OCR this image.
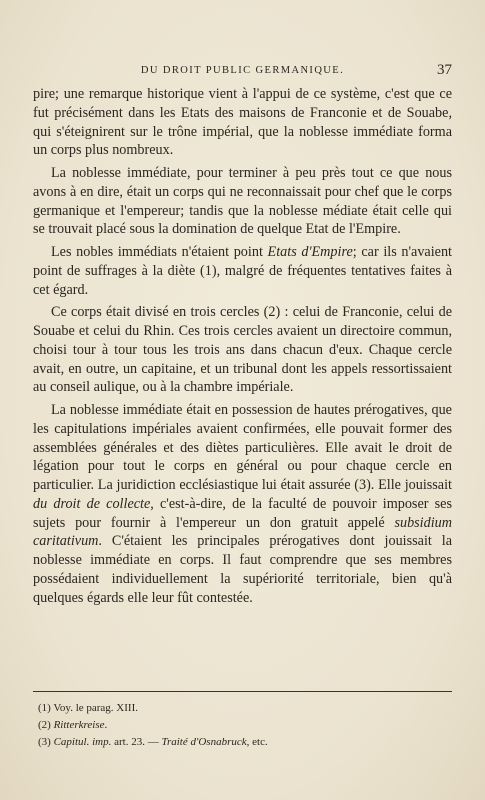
DU DROIT PUBLIC GERMANIQUE.	37

pire; une remarque historique vient à l'appui de ce système, c'est que ce fut précisément dans les Etats des maisons de Franconie et de Souabe, qui s'éteignirent sur le trône impérial, que la noblesse immédiate forma un corps plus nombreux.

La noblesse immédiate, pour terminer à peu près tout ce que nous avons à en dire, était un corps qui ne reconnaissait pour chef que le corps germanique et l'empereur; tandis que la noblesse médiate était celle qui se trouvait placé sous la domination de quelque Etat de l'Empire.

Les nobles immédiats n'étaient point Etats d'Empire; car ils n'avaient point de suffrages à la diète (1), malgré de fréquentes tentatives faites à cet égard.

Ce corps était divisé en trois cercles (2) : celui de Franconie, celui de Souabe et celui du Rhin. Ces trois cercles avaient un directoire commun, choisi tour à tour tous les trois ans dans chacun d'eux. Chaque cercle avait, en outre, un capitaine, et un tribunal dont les appels ressortissaient au conseil aulique, ou à la chambre impériale.

La noblesse immédiate était en possession de hautes prérogatives, que les capitulations impériales avaient confirmées, elle pouvait former des assemblées générales et des diètes particulières. Elle avait le droit de légation pour tout le corps en général ou pour chaque cercle en particulier. La juridiction ecclésiastique lui était assurée (3). Elle jouissait du droit de collecte, c'est-à-dire, de la faculté de pouvoir imposer ses sujets pour fournir à l'empereur un don gratuit appelé subsidium caritativum. C'étaient les principales prérogatives dont jouissait la noblesse immédiate en corps. Il faut comprendre que ses membres possédaient individuellement la supériorité territoriale, bien qu'à quelques égards elle leur fût contestée.

(1) Voy. le parag. XIII.
(2) Ritterkreise.
(3) Capitul. imp. art. 23. — Traité d'Osnabruck, etc.
